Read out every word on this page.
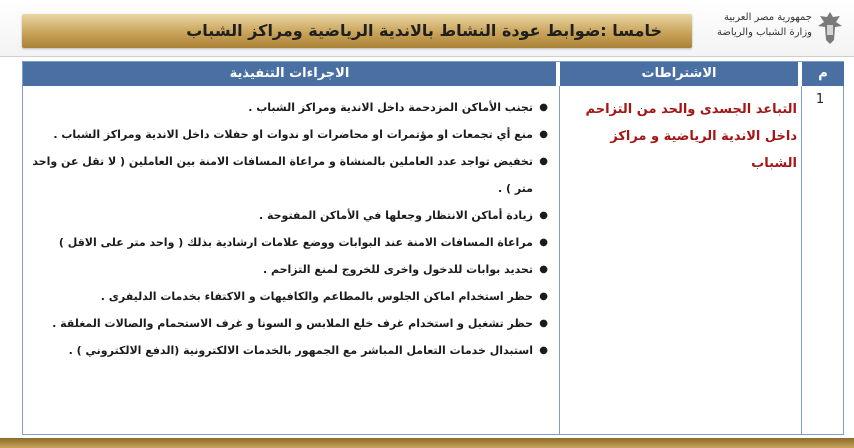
خامسا :ضوابط عودة النشاط بالاندية الرياضية ومراكز الشباب
جمهورية مصر العربية
وزارة الشباب والرياضة
الاجراءات التنفيذية	الاشتراطات	م
1
التباعد الجسدى والحد من التزاحم داخل الاندية الرياضية و مراكز الشباب
●
تجنب الأماكن المزدحمة داخل الاندية ومراكز الشباب .
●
منع أي تجمعات او مؤتمرات او محاضرات او ندوات او حفلات داخل الاندية ومراكز الشباب .
●
تخفيض تواجد عدد العاملين بالمنشاة و مراعاة المسافات الامنة بين العاملين ( لا تقل عن واحد متر ) .
●
زيادة أماكن الانتظار وجعلها في الأماكن المفتوحة .
●
مراعاة المسافات الامنة عند البوابات ووضع علامات ارشادية بذلك ( واحد متر على الاقل )
●
تحديد بوابات للدخول واخرى للخروج لمنع التزاحم .
●
حظر استخدام اماكن الجلوس بالمطاعم والكافيهات و الاكتفاء بخدمات الدليفرى .
●
حظر تشغيل و استخدام غرف خلع الملابس و السونا و غرف الاستحمام والصالات المغلقة .
●
استبدال خدمات التعامل المباشر مع الجمهور بالخدمات الالكترونية (الدفع الالكتروني ) .
